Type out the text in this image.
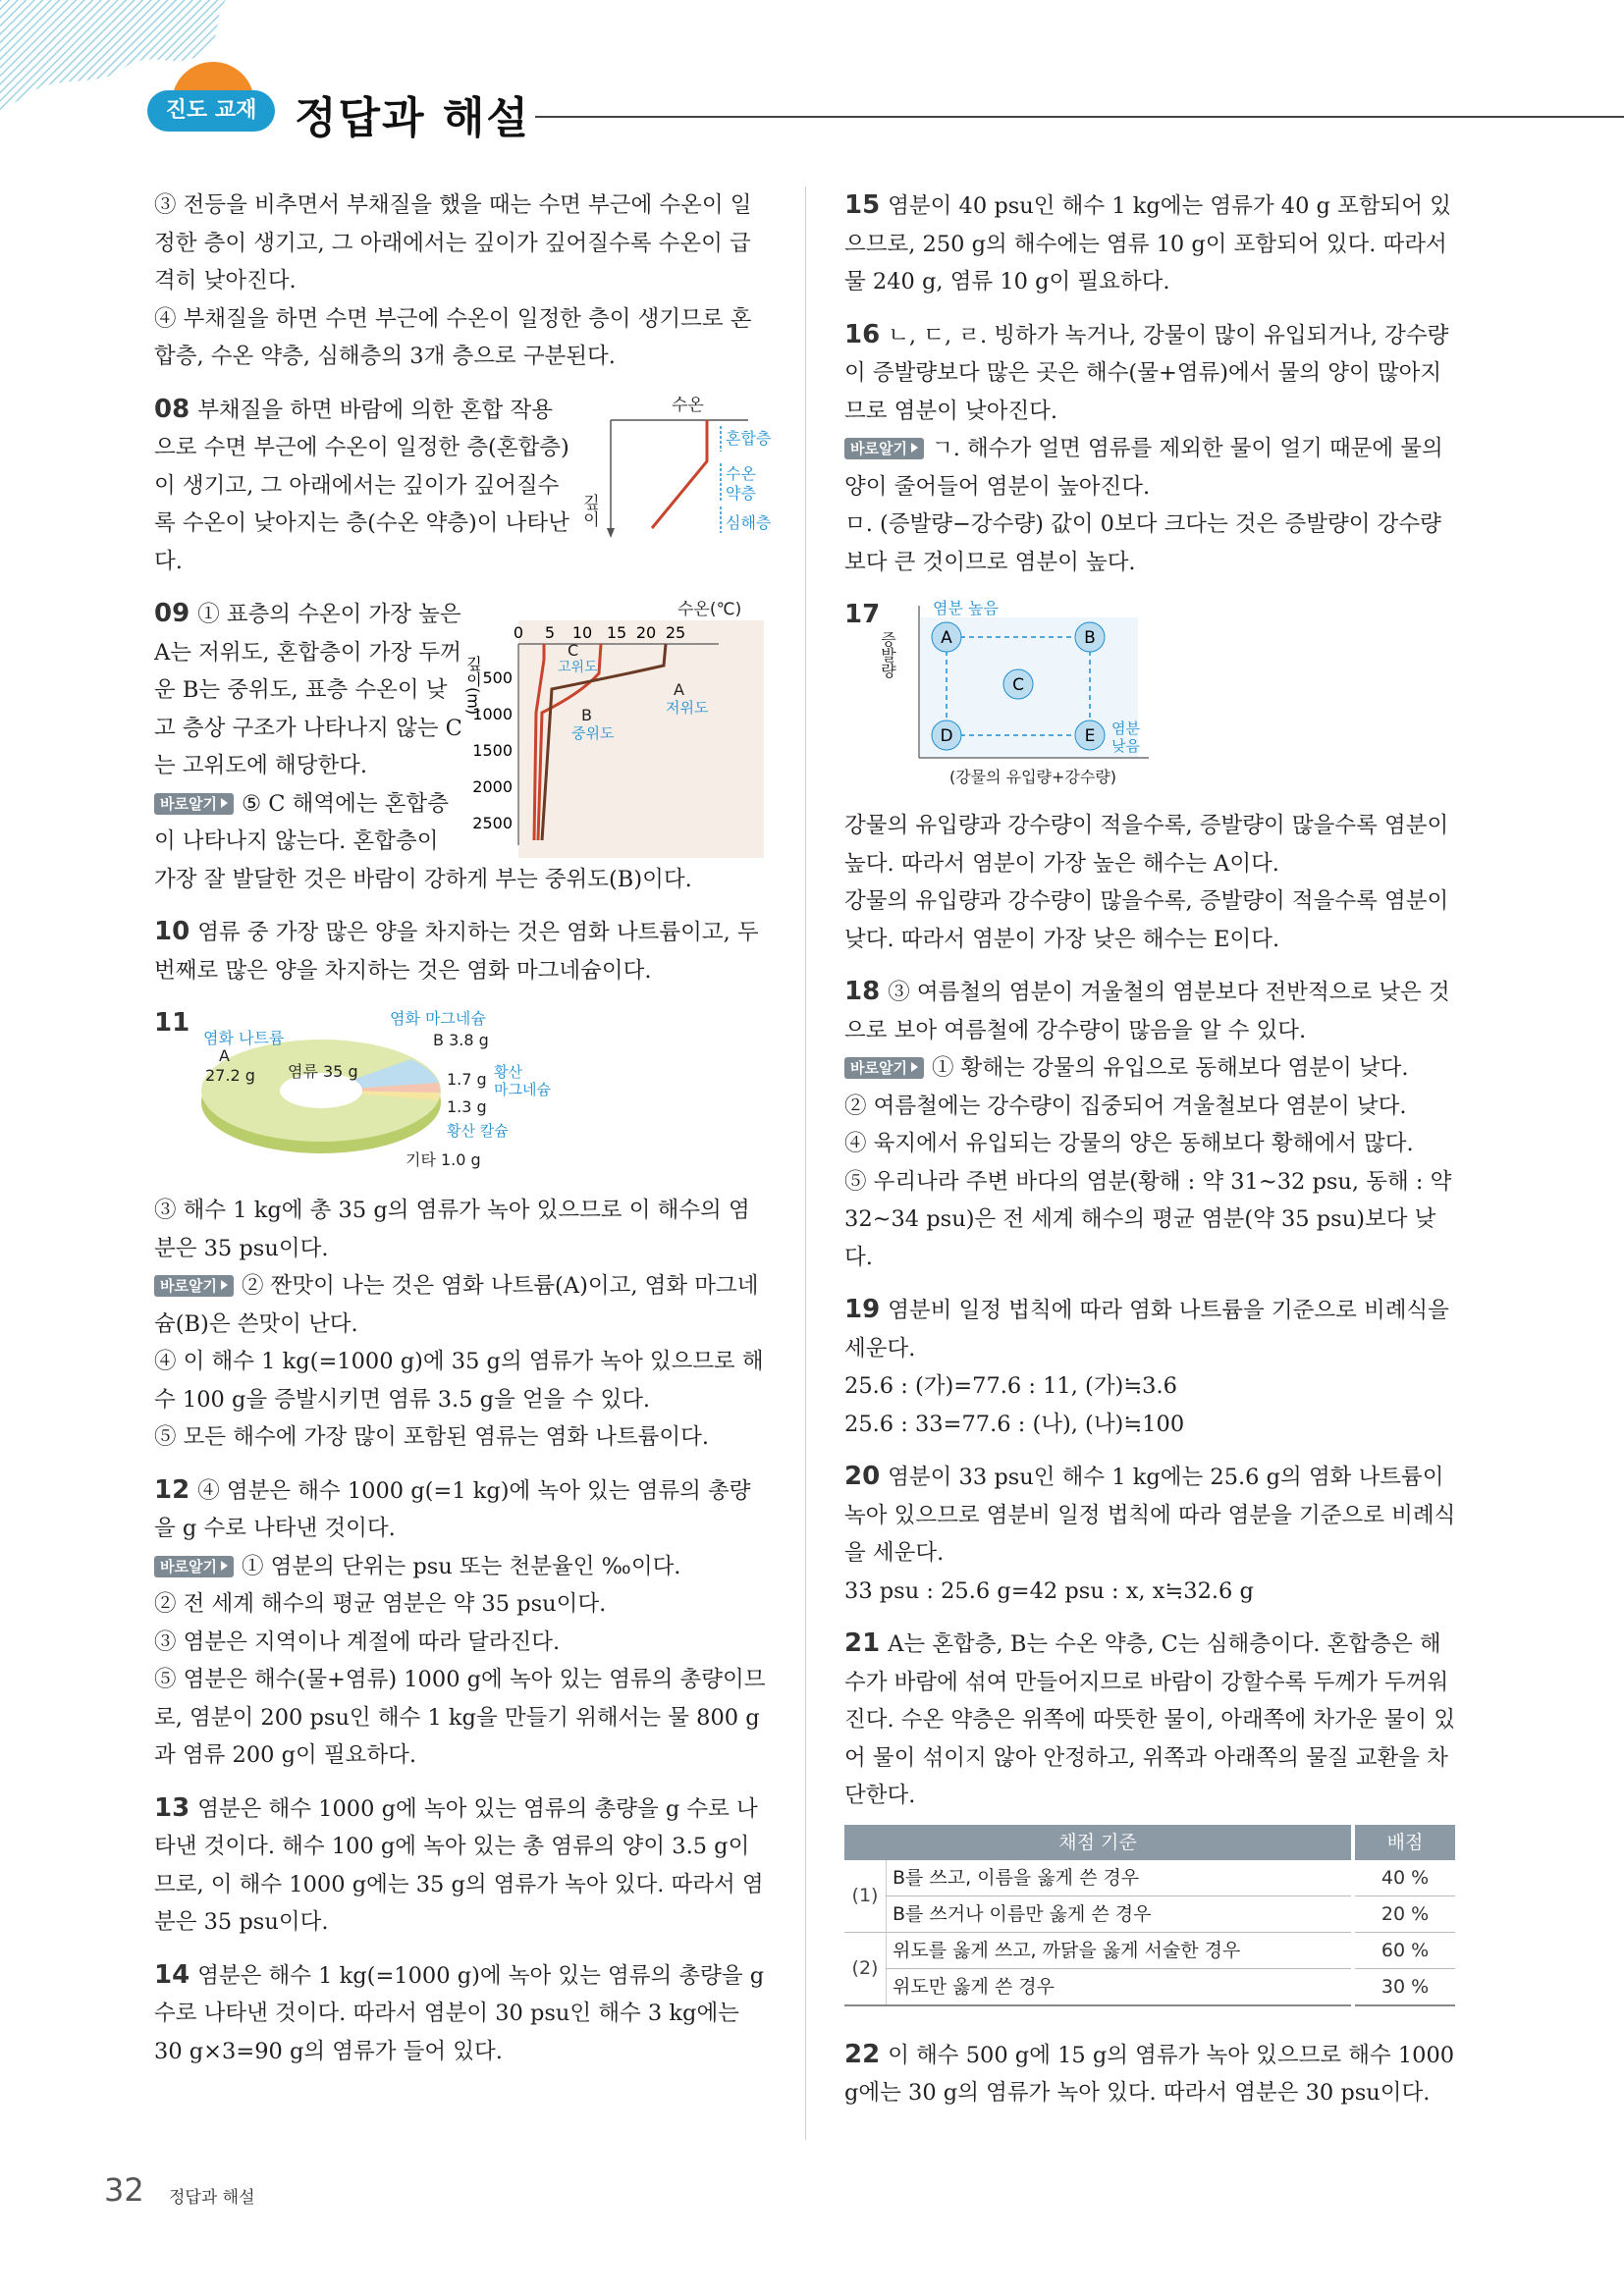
진도 교재 정답과 해설

③ 전등을 비추면서 부채질을 했을 때는 수면 부근에 수온이 일정한 층이 생기고, 그 아래에서는 깊이가 깊어질수록 수온이 급격히 낮아진다.

④ 부채질을 하면 수면 부근에 수온이 일정한 층이 생기므로 혼합층, 수온 약층, 심해층의 3개 층으로 구분된다.

수온
깊이
혼합층
수온
약층
심해층

08 부채질을 하면 바람에 의한 혼합 작용으로 수면 부근에 수온이 일정한 층(혼합층)이 생기고, 그 아래에서는 깊이가 깊어질수록 수온이 낮아지는 층(수온 약층)이 나타난다.

수온(℃)
0 5 10 15 20 25
깊이(m) 500
1000
1500
2000
2500
C
고위도
A
저위도
B
중위도

09 ① 표층의 수온이 가장 높은 A는 저위도, 혼합층이 가장 두꺼운 B는 중위도, 표층 수온이 낮고 층상 구조가 나타나지 않는 C는 고위도에 해당한다.

바로알기 ⑤ C 해역에는 혼합층이 나타나지 않는다. 혼합층이 가장 잘 발달한 것은 바람이 강하게 부는 중위도(B)이다.

10 염류 중 가장 많은 양을 차지하는 것은 염화 나트륨이고, 두 번째로 많은 양을 차지하는 것은 염화 마그네슘이다.

11	염화 마그네슘
B 3.8 g
염화 나트륨
A
27.2 g 염류 35 g	1.7 g 황산
마그네슘
1.3 g
황산 칼슘
기타 1.0 g

③ 해수 1 kg에 총 35 g의 염류가 녹아 있으므로 이 해수의 염분은 35 psu이다.

바로알기 ② 짠맛이 나는 것은 염화 나트륨(A)이고, 염화 마그네슘(B)은 쓴맛이 난다.

④ 이 해수 1 kg(=1000 g)에 35 g의 염류가 녹아 있으므로 해수 100 g을 증발시키면 염류 3.5 g을 얻을 수 있다.

⑤ 모든 해수에 가장 많이 포함된 염류는 염화 나트륨이다.

12 ④ 염분은 해수 1000 g(=1 kg)에 녹아 있는 염류의 총량을 g 수로 나타낸 것이다.

바로알기 ① 염분의 단위는 psu 또는 천분율인 ‰이다.

② 전 세계 해수의 평균 염분은 약 35 psu이다.

③ 염분은 지역이나 계절에 따라 달라진다.

⑤ 염분은 해수(물+염류) 1000 g에 녹아 있는 염류의 총량이므로, 염분이 200 psu인 해수 1 kg을 만들기 위해서는 물 800 g과 염류 200 g이 필요하다.

13 염분은 해수 1000 g에 녹아 있는 염류의 총량을 g 수로 나타낸 것이다. 해수 100 g에 녹아 있는 총 염류의 양이 3.5 g이므로, 이 해수 1000 g에는 35 g의 염류가 녹아 있다. 따라서 염분은 35 psu이다.

14 염분은 해수 1 kg(=1000 g)에 녹아 있는 염류의 총량을 g 수로 나타낸 것이다. 따라서 염분이 30 psu인 해수 3 kg에는 30 g×3=90 g의 염류가 들어 있다.

15 염분이 40 psu인 해수 1 kg에는 염류가 40 g 포함되어 있으므로, 250 g의 해수에는 염류 10 g이 포함되어 있다. 따라서 물 240 g, 염류 10 g이 필요하다.

16 ㄴ, ㄷ, ㄹ. 빙하가 녹거나, 강물이 많이 유입되거나, 강수량이 증발량보다 많은 곳은 해수(물+염류)에서 물의 양이 많아지므로 염분이 낮아진다.

바로알기 ㄱ. 해수가 얼면 염류를 제외한 물이 얼기 때문에 물의 양이 줄어들어 염분이 높아진다.

ㅁ. (증발량−강수량) 값이 0보다 크다는 것은 증발량이 강수량보다 큰 것이므로 염분이 높다.

17	염분 높음
증발량	A	B
C
D	E 염분
낮음
(강물의 유입량+강수량)

강물의 유입량과 강수량이 적을수록, 증발량이 많을수록 염분이 높다. 따라서 염분이 가장 높은 해수는 A이다.

강물의 유입량과 강수량이 많을수록, 증발량이 적을수록 염분이 낮다. 따라서 염분이 가장 낮은 해수는 E이다.

18 ③ 여름철의 염분이 겨울철의 염분보다 전반적으로 낮은 것으로 보아 여름철에 강수량이 많음을 알 수 있다.

바로알기 ① 황해는 강물의 유입으로 동해보다 염분이 낮다.

② 여름철에는 강수량이 집중되어 겨울철보다 염분이 낮다.

④ 육지에서 유입되는 강물의 양은 동해보다 황해에서 많다.

⑤ 우리나라 주변 바다의 염분(황해 : 약 31~32 psu, 동해 : 약 32~34 psu)은 전 세계 해수의 평균 염분(약 35 psu)보다 낮다.

19 염분비 일정 법칙에 따라 염화 나트륨을 기준으로 비례식을 세운다.

25.6 : (가)=77.6 : 11, (가)≒3.6

25.6 : 33=77.6 : (나), (나)≒100

20 염분이 33 psu인 해수 1 kg에는 25.6 g의 염화 나트륨이 녹아 있으므로 염분비 일정 법칙에 따라 염분을 기준으로 비례식을 세운다.

33 psu : 25.6 g=42 psu : x, x≒32.6 g

21 A는 혼합층, B는 수온 약층, C는 심해층이다. 혼합층은 해수가 바람에 섞여 만들어지므로 바람이 강할수록 두께가 두꺼워진다. 수온 약층은 위쪽에 따뜻한 물이, 아래쪽에 차가운 물이 있어 물이 섞이지 않아 안정하고, 위쪽과 아래쪽의 물질 교환을 차단한다.

채점 기준		배점
(1)	B를 쓰고, 이름을 옳게 쓴 경우	40 %
	B를 쓰거나 이름만 옳게 쓴 경우	20 %
(2)	위도를 옳게 쓰고, 까닭을 옳게 서술한 경우	60 %
	위도만 옳게 쓴 경우	30 %

22 이 해수 500 g에 15 g의 염류가 녹아 있으므로 해수 1000 g에는 30 g의 염류가 녹아 있다. 따라서 염분은 30 psu이다.

32 정답과 해설
